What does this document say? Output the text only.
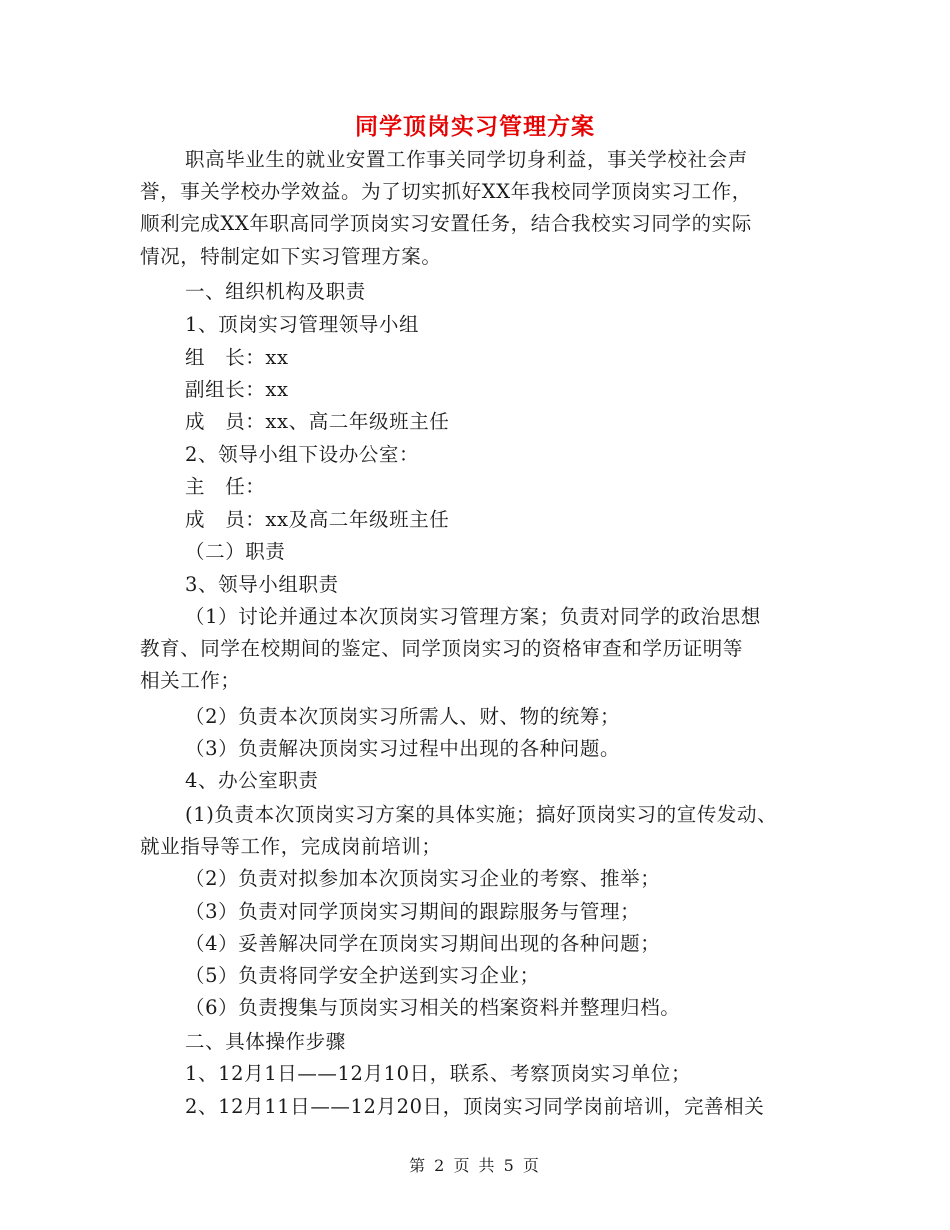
同学顶岗实习管理方案
职高毕业生的就业安置工作事关同学切身利益，事关学校社会声
誉，事关学校办学效益。为了切实抓好XX年我校同学顶岗实习工作，
顺利完成XX年职高同学顶岗实习安置任务，结合我校实习同学的实际
情况，特制定如下实习管理方案。
一、组织机构及职责
1、顶岗实习管理领导小组
组　长：xx
副组长：xx
成　员：xx、高二年级班主任
2、领导小组下设办公室：
主　任：
成　员：xx及高二年级班主任
（二）职责
3、领导小组职责
（1）讨论并通过本次顶岗实习管理方案；负责对同学的政治思想
教育、同学在校期间的鉴定、同学顶岗实习的资格审查和学历证明等
相关工作；
（2）负责本次顶岗实习所需人、财、物的统筹；
（3）负责解决顶岗实习过程中出现的各种问题。
4、办公室职责
(1)负责本次顶岗实习方案的具体实施；搞好顶岗实习的宣传发动、
就业指导等工作，完成岗前培训；
（2）负责对拟参加本次顶岗实习企业的考察、推举；
（3）负责对同学顶岗实习期间的跟踪服务与管理；
（4）妥善解决同学在顶岗实习期间出现的各种问题；
（5）负责将同学安全护送到实习企业；
（6）负责搜集与顶岗实习相关的档案资料并整理归档。
二、具体操作步骤
1、12月1日——12月10日，联系、考察顶岗实习单位；
2、12月11日——12月20日，顶岗实习同学岗前培训，完善相关
第 2 页 共 5 页
